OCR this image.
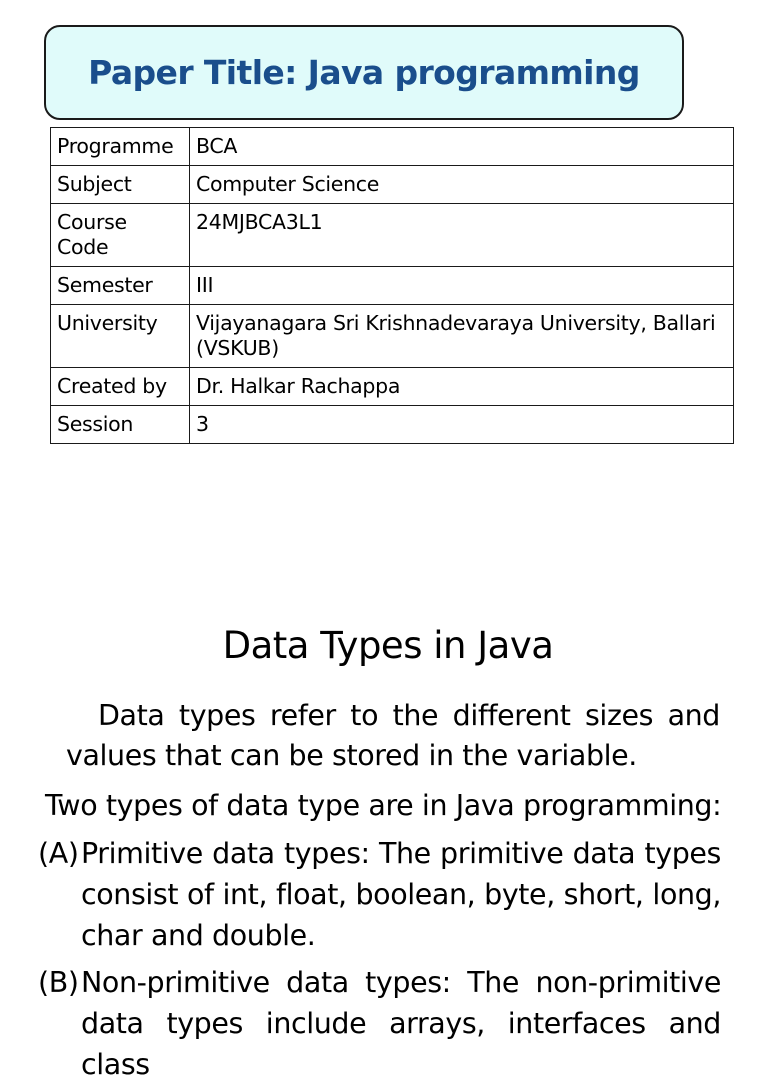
Paper Title: Java programming
Programme	BCA
Subject	Computer Science
Course Code	24MJBCA3L1
Semester	III
University	Vijayanagara Sri Krishnadevaraya University, Ballari (VSKUB)
Created by	Dr. Halkar Rachappa
Session	3
Data Types in Java
Data types refer to the different sizes and values that can be stored in the variable.
Two types of data type are in Java programming:
(A) Primitive data types: The primitive data types consist of int, float, boolean, byte, short, long, char and double.
(B) Non-primitive data types: The non-primitive data types include arrays, interfaces and class
